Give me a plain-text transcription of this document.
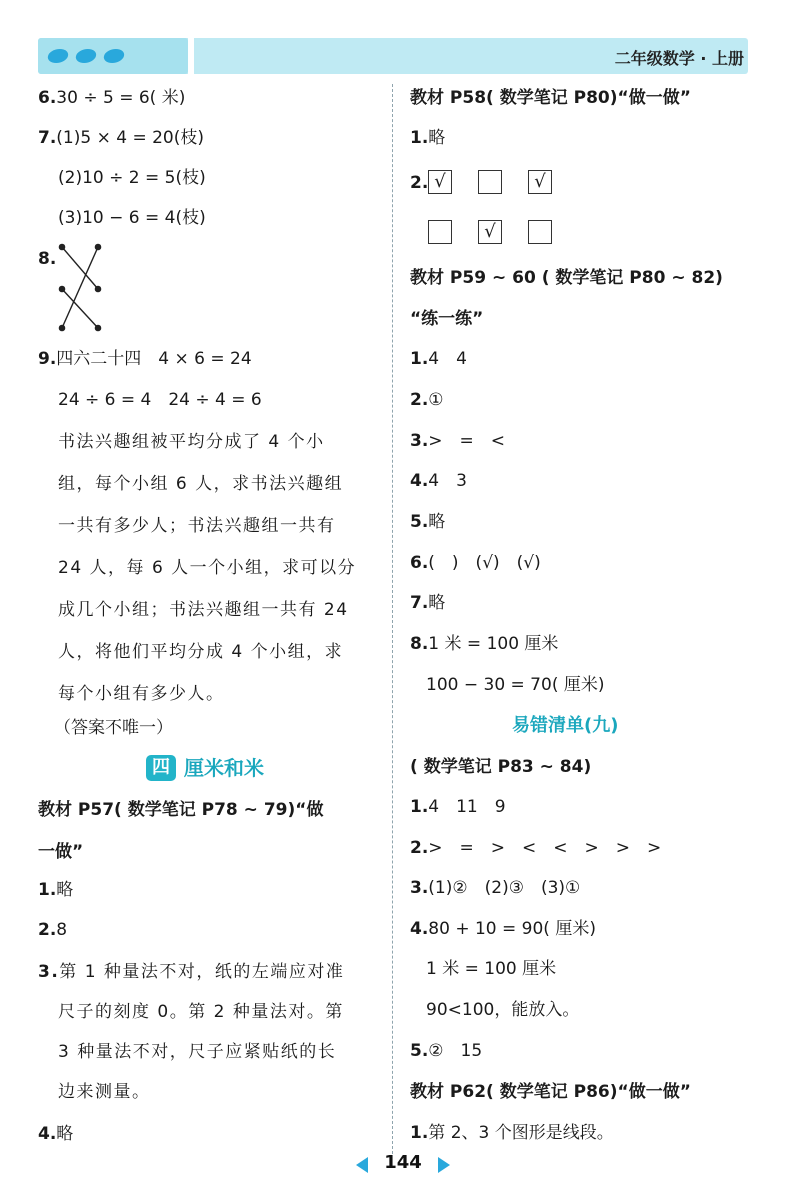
二年级数学 · 上册
6.30 ÷ 5 = 6( 米)
7.(1)5 × 4 = 20(枝)
(2)10 ÷ 2 = 5(枝)
(3)10 − 6 = 4(枝)
8.
9.四六二十四　4 × 6 = 24
24 ÷ 6 = 4　24 ÷ 4 = 6
书法兴趣组被平均分成了 4 个小
组，每个小组 6 人，求书法兴趣组
一共有多少人；书法兴趣组一共有
24 人，每 6 人一个小组，求可以分
成几个小组；书法兴趣组一共有 24
人，将他们平均分成 4 个小组，求
每个小组有多少人。
（答案不唯一）
四 厘米和米
教材 P57( 数学笔记 P78 ~ 79)“做
一做”
1.略
2.8
3.第 1 种量法不对，纸的左端应对准
尺子的刻度 0。第 2 种量法对。第
3 种量法不对，尺子应紧贴纸的长
边来测量。
4.略
教材 P58( 数学笔记 P80)“做一做”
1.略
2. √	√
√
教材 P59 ~ 60 ( 数学笔记 P80 ~ 82)
“练一练”
1.4　4
2.①
3.>　=　<
4.4　3
5.略
6.(　)　(√)　(√)
7.略
8.1 米 = 100 厘米
100 − 30 = 70( 厘米)
易错清单(九)
( 数学笔记 P83 ~ 84)
1.4　11　9
2.>　=　>　<　<　>　>　>
3.(1)②　(2)③　(3)①
4.80 + 10 = 90( 厘米)
1 米 = 100 厘米
90<100，能放入。
5.②　15
教材 P62( 数学笔记 P86)“做一做”
1.第 2、3 个图形是线段。
144
